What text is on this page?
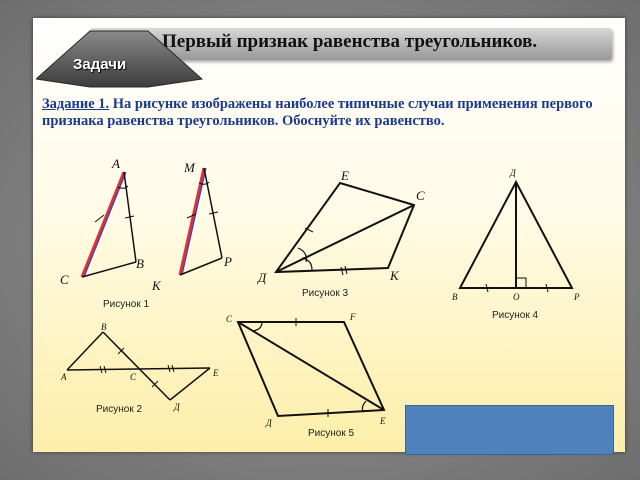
Первый признак равенства треугольников.
Задачи
Задание 1. На рисунке изображены наиболее типичные случаи применения первого признака равенства треугольников. Обоснуйте их равенство.
А
С
В
М
К
Р
Рисунок 1
В
А	С	Е
Д
Рисунок 2
Е
С
Д	К
Рисунок 3
Д
В	О	Р
Рисунок 4
С	F
Д	Е
Рисунок 5
